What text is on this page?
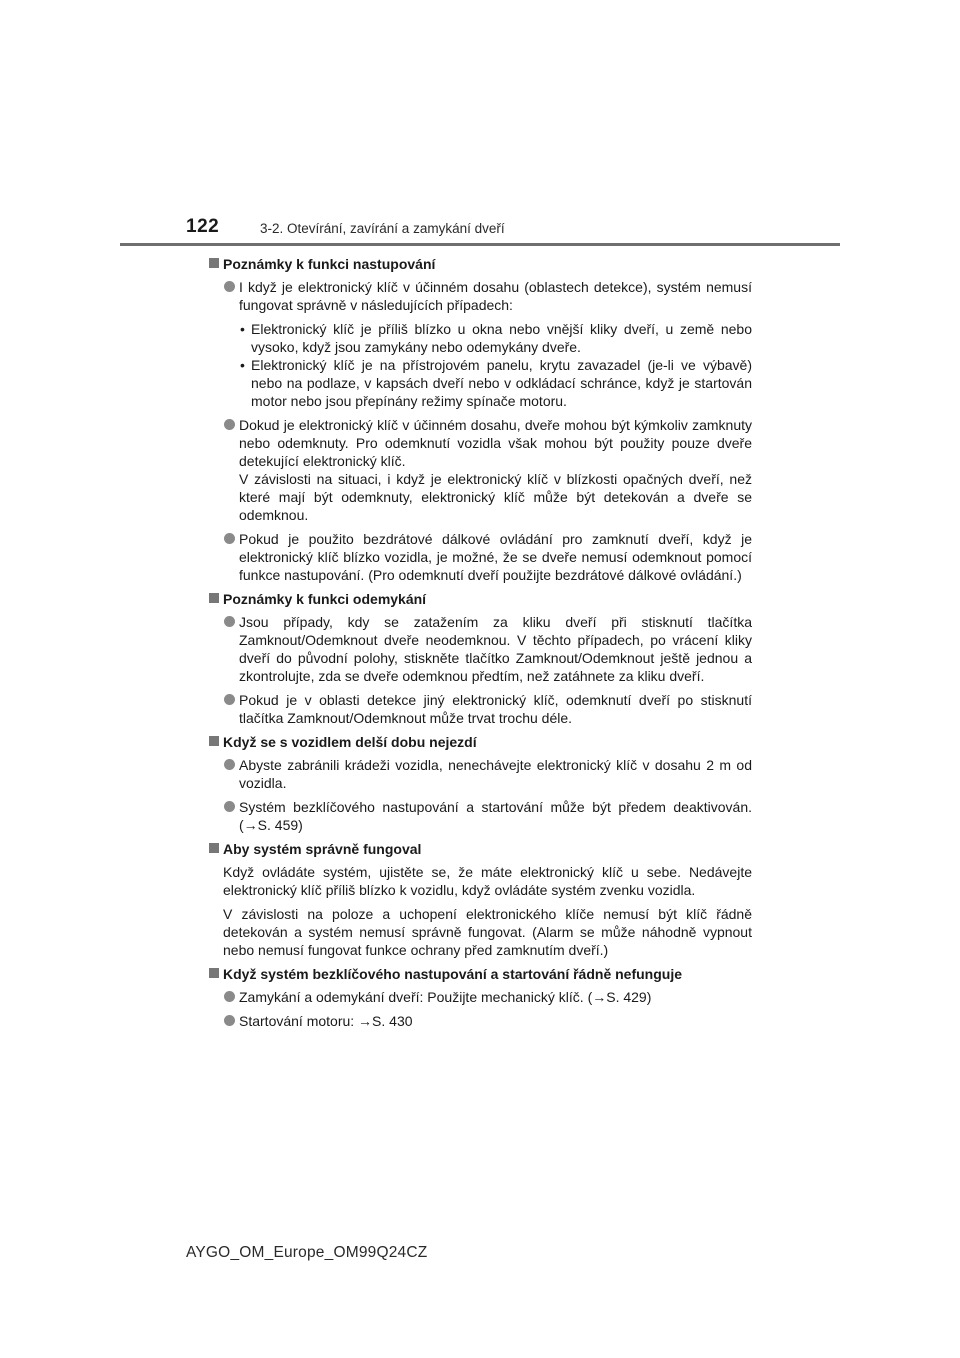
122	3-2. Otevírání, zavírání a zamykání dveří
Poznámky k funkci nastupování
I když je elektronický klíč v účinném dosahu (oblastech detekce), systém nemusí fungovat správně v následujících případech:
• Elektronický klíč je příliš blízko u okna nebo vnější kliky dveří, u země nebo vysoko, když jsou zamykány nebo odemykány dveře.
• Elektronický klíč je na přístrojovém panelu, krytu zavazadel (je-li ve výbavě) nebo na podlaze, v kapsách dveří nebo v odkládací schránce, když je startován motor nebo jsou přepínány režimy spínače motoru.
Dokud je elektronický klíč v účinném dosahu, dveře mohou být kýmkoliv zamknuty nebo odemknuty. Pro odemknutí vozidla však mohou být použity pouze dveře detekující elektronický klíč.
V závislosti na situaci, i když je elektronický klíč v blízkosti opačných dveří, než které mají být odemknuty, elektronický klíč může být detekován a dveře se odemknou.
Pokud je použito bezdrátové dálkové ovládání pro zamknutí dveří, když je elektronický klíč blízko vozidla, je možné, že se dveře nemusí odemknout pomocí funkce nastupování. (Pro odemknutí dveří použijte bezdrátové dálkové ovládání.)
Poznámky k funkci odemykání
Jsou případy, kdy se zatažením za kliku dveří při stisknutí tlačítka Zamknout/Odemknout dveře neodemknou. V těchto případech, po vrácení kliky dveří do původní polohy, stiskněte tlačítko Zamknout/Odemknout ještě jednou a zkontrolujte, zda se dveře odemknou předtím, než zatáhnete za kliku dveří.
Pokud je v oblasti detekce jiný elektronický klíč, odemknutí dveří po stisknutí tlačítka Zamknout/Odemknout může trvat trochu déle.
Když se s vozidlem delší dobu nejezdí
Abyste zabránili krádeži vozidla, nenechávejte elektronický klíč v dosahu 2 m od vozidla.
Systém bezklíčového nastupování a startování může být předem deaktivován. (→S. 459)
Aby systém správně fungoval
Když ovládáte systém, ujistěte se, že máte elektronický klíč u sebe. Nedávejte elektronický klíč příliš blízko k vozidlu, když ovládáte systém zvenku vozidla.
V závislosti na poloze a uchopení elektronického klíče nemusí být klíč řádně detekován a systém nemusí správně fungovat. (Alarm se může náhodně vypnout nebo nemusí fungovat funkce ochrany před zamknutím dveří.)
Když systém bezklíčového nastupování a startování řádně nefunguje
Zamykání a odemykání dveří: Použijte mechanický klíč. (→S. 429)
Startování motoru: →S. 430
AYGO_OM_Europe_OM99Q24CZ
